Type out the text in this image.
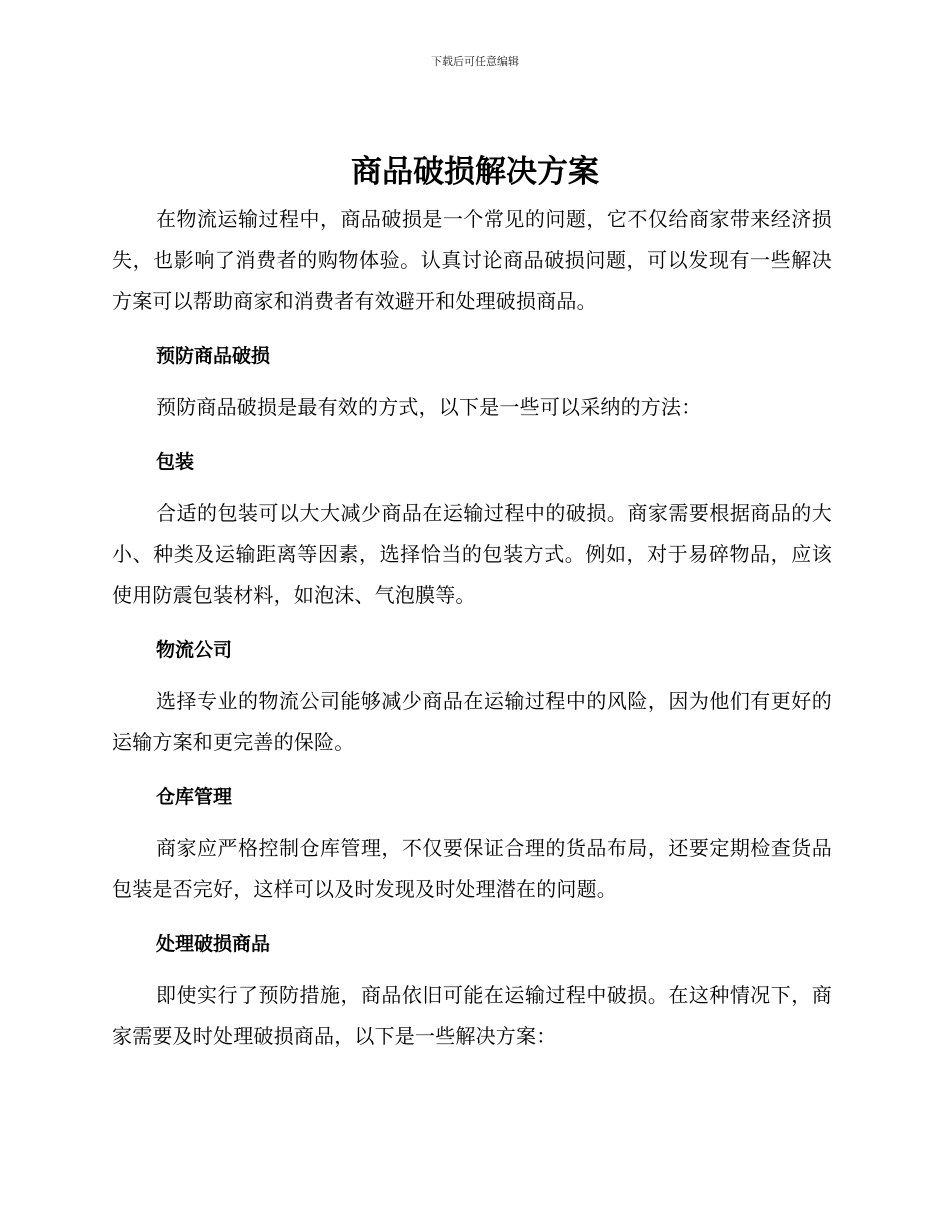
下载后可任意编辑
商品破损解决方案

在物流运输过程中，商品破损是一个常见的问题，它不仅给商家带来经济损失，也影响了消费者的购物体验。认真讨论商品破损问题，可以发现有一些解决方案可以帮助商家和消费者有效避开和处理破损商品。

预防商品破损

预防商品破损是最有效的方式，以下是一些可以采纳的方法：

包装

合适的包装可以大大减少商品在运输过程中的破损。商家需要根据商品的大小、种类及运输距离等因素，选择恰当的包装方式。例如，对于易碎物品，应该使用防震包装材料，如泡沫、气泡膜等。

物流公司

选择专业的物流公司能够减少商品在运输过程中的风险，因为他们有更好的运输方案和更完善的保险。

仓库管理

商家应严格控制仓库管理，不仅要保证合理的货品布局，还要定期检查货品包装是否完好，这样可以及时发现及时处理潜在的问题。

处理破损商品

即使实行了预防措施，商品依旧可能在运输过程中破损。在这种情况下，商家需要及时处理破损商品，以下是一些解决方案：
